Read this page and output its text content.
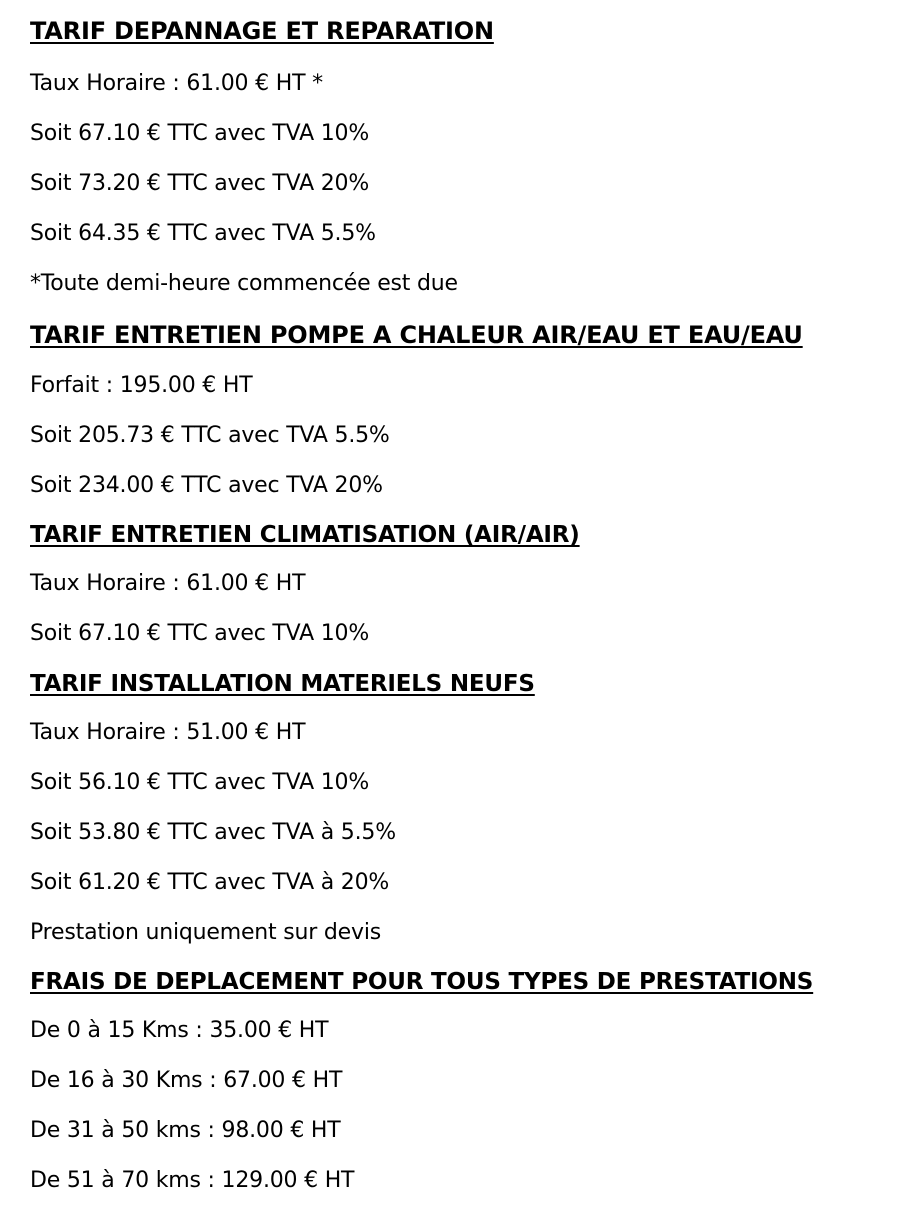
TARIF DEPANNAGE ET REPARATION
Taux Horaire : 61.00 € HT *
Soit 67.10 € TTC avec TVA 10%
Soit 73.20 € TTC avec TVA 20%
Soit 64.35 € TTC avec TVA 5.5%
*Toute demi-heure commencée est due
TARIF ENTRETIEN POMPE A CHALEUR AIR/EAU ET EAU/EAU
Forfait : 195.00 € HT
Soit 205.73 € TTC avec TVA 5.5%
Soit 234.00 € TTC avec TVA 20%
TARIF ENTRETIEN CLIMATISATION (AIR/AIR)
Taux Horaire : 61.00 € HT
Soit 67.10 € TTC avec TVA 10%
TARIF INSTALLATION MATERIELS NEUFS
Taux Horaire : 51.00 € HT
Soit 56.10 € TTC avec TVA 10%
Soit 53.80 € TTC avec TVA à 5.5%
Soit 61.20 € TTC avec TVA à 20%
Prestation uniquement sur devis
FRAIS DE DEPLACEMENT POUR TOUS TYPES DE PRESTATIONS
De 0 à 15 Kms : 35.00 € HT
De 16 à 30 Kms : 67.00 € HT
De 31 à 50 kms : 98.00 € HT
De 51 à 70 kms : 129.00 € HT
